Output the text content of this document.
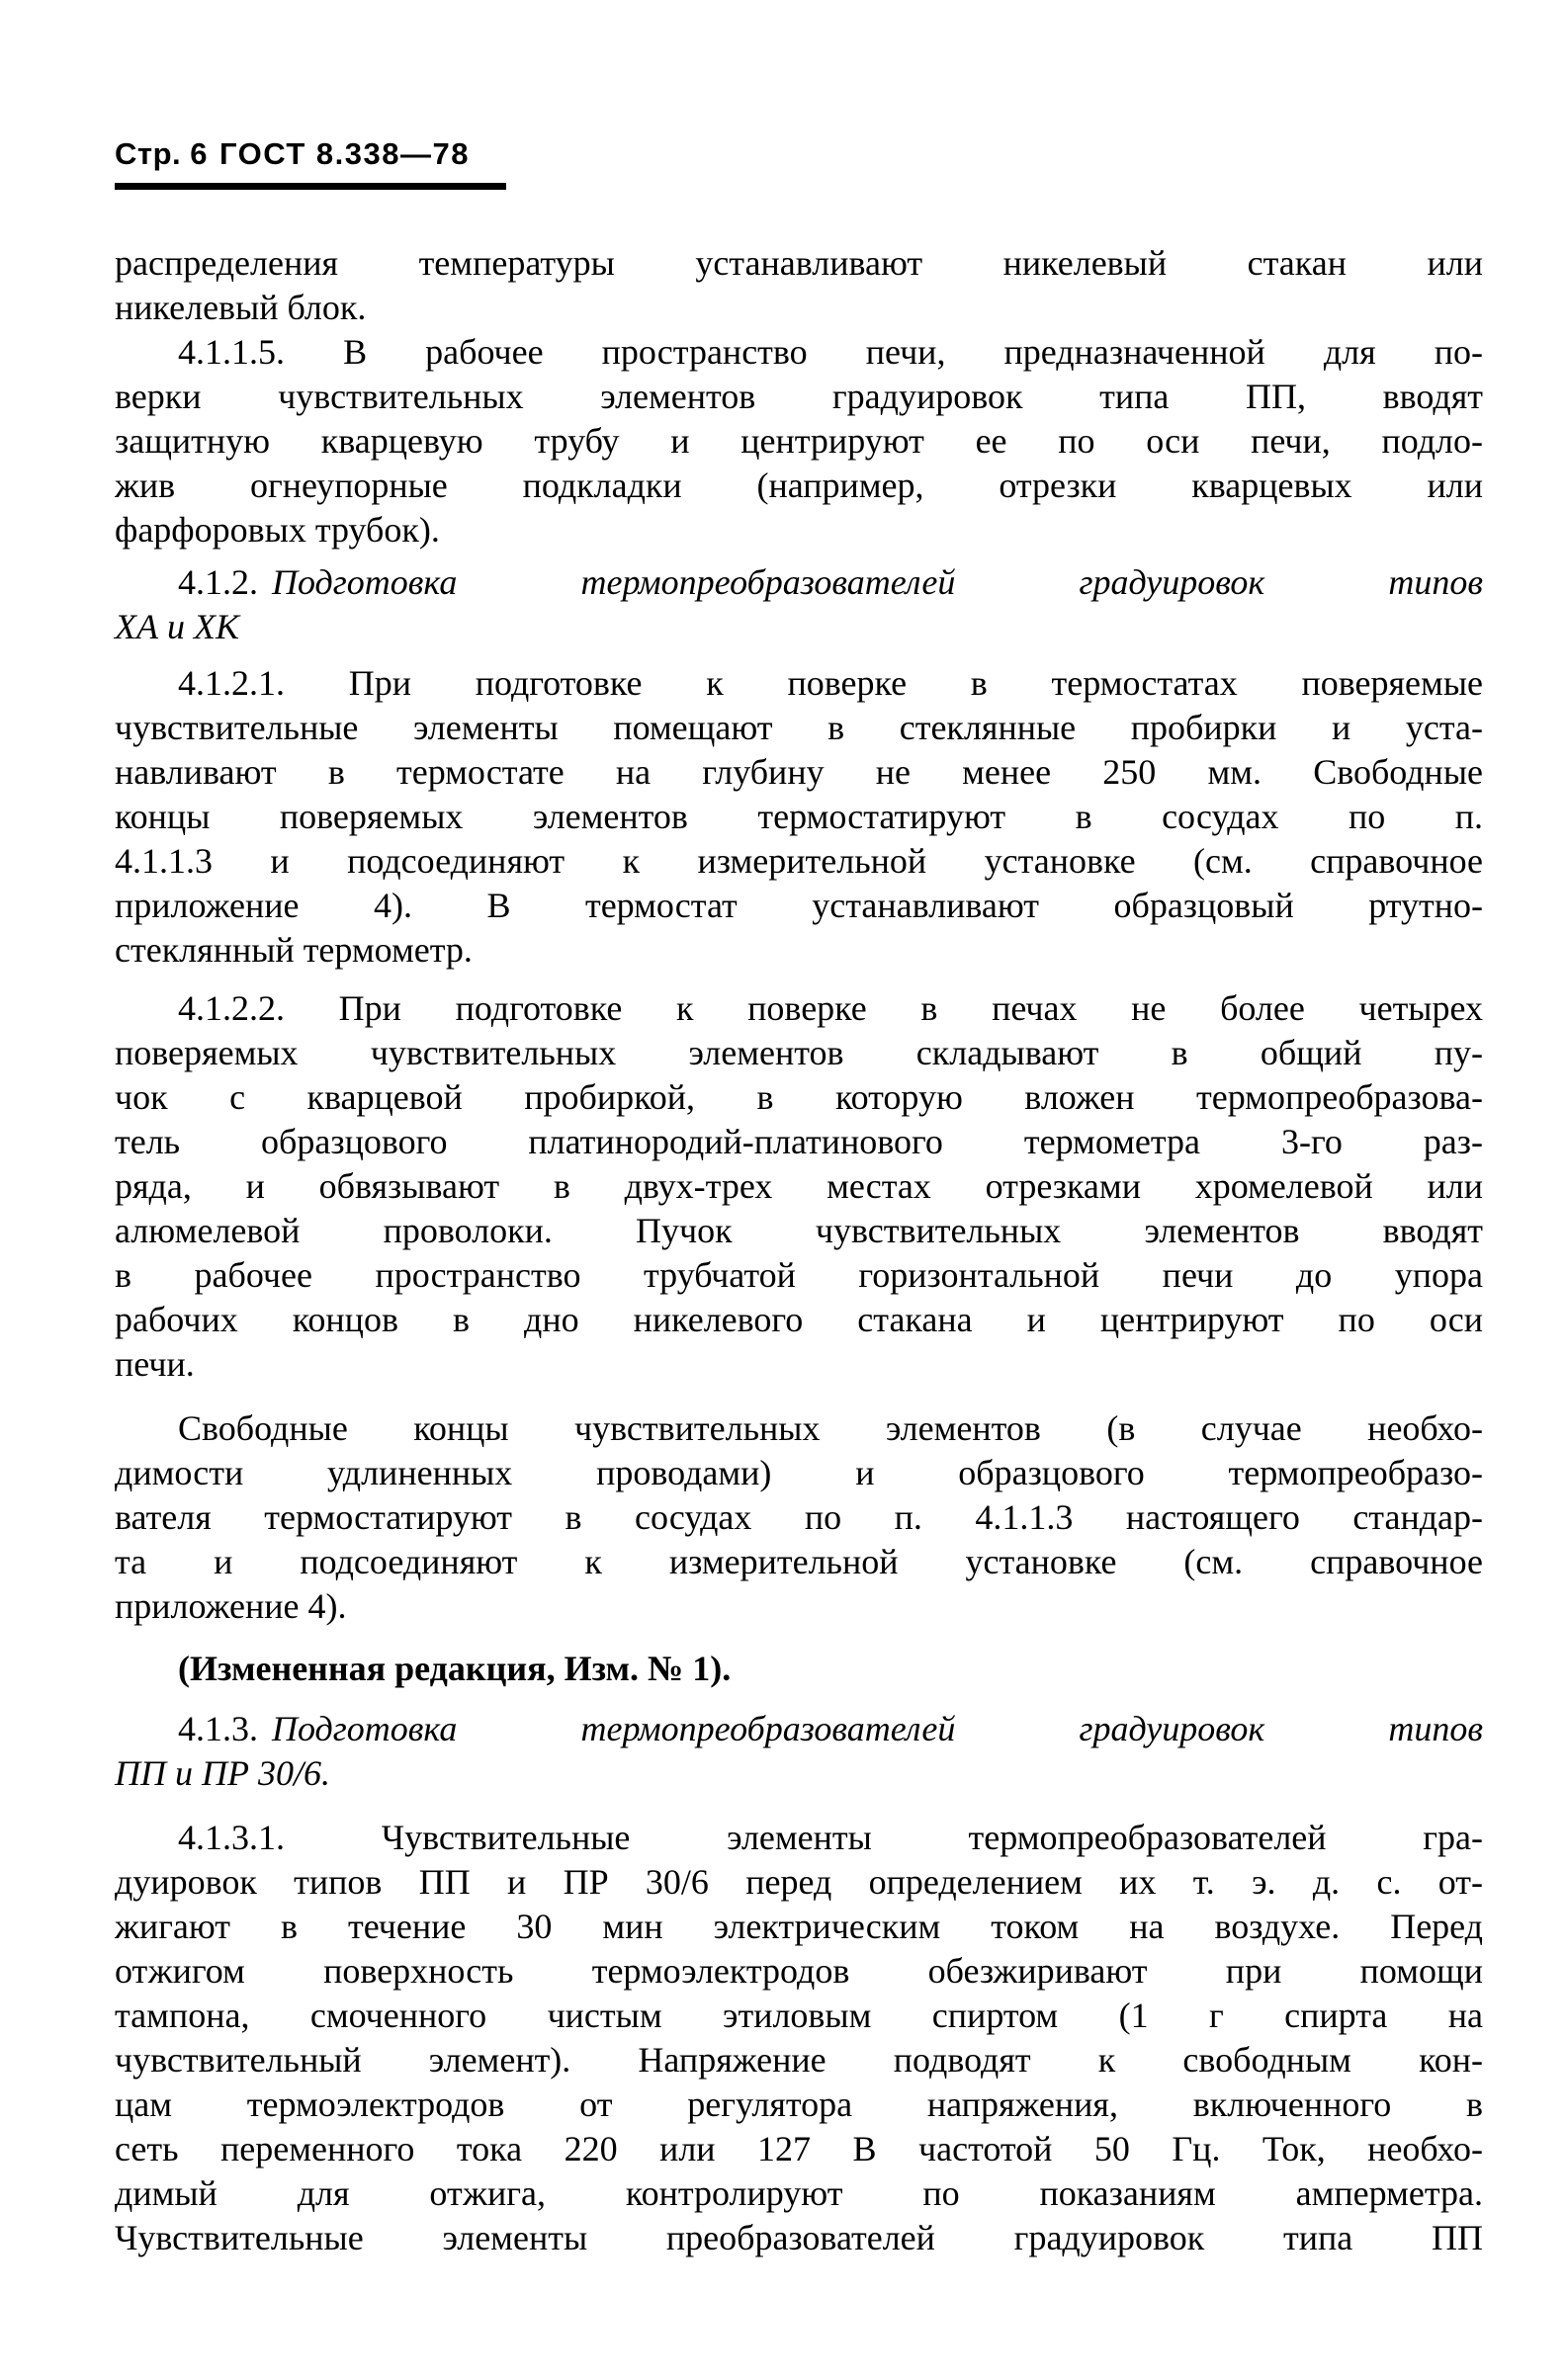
Стр. 6 ГОСТ 8.338—78

распределения температуры устанавливают никелевый стакан или
никелевый блок.

4.1.1.5. В рабочее пространство печи, предназначенной для по-
верки чувствительных элементов градуировок типа ПП, вводят
защитную кварцевую трубу и центрируют ее по оси печи, подло-
жив огнеупорные подкладки (например, отрезки кварцевых или
фарфоровых трубок).

4.1.2. Подготовка термопреобразователей градуировок типов
ХА и ХК

4.1.2.1. При подготовке к поверке в термостатах поверяемые
чувствительные элементы помещают в стеклянные пробирки и уста-
навливают в термостате на глубину не менее 250 мм. Свободные
концы поверяемых элементов термостатируют в сосудах по п.
4.1.1.3 и подсоединяют к измерительной установке (см. справочное
приложение 4). В термостат устанавливают образцовый ртутно-
стеклянный термометр.

4.1.2.2. При подготовке к поверке в печах не более четырех
поверяемых чувствительных элементов складывают в общий пу-
чок с кварцевой пробиркой, в которую вложен термопреобразова-
тель образцового платинородий-платинового термометра 3-го раз-
ряда, и обвязывают в двух-трех местах отрезками хромелевой или
алюмелевой проволоки. Пучок чувствительных элементов вводят
в рабочее пространство трубчатой горизонтальной печи до упора
рабочих концов в дно никелевого стакана и центрируют по оси
печи.

Свободные концы чувствительных элементов (в случае необхо-
димости удлиненных проводами) и образцового термопреобразо-
вателя термостатируют в сосудах по п. 4.1.1.3 настоящего стандар-
та и подсоединяют к измерительной установке (см. справочное
приложение 4).

(Измененная редакция, Изм. № 1).

4.1.3. Подготовка термопреобразователей градуировок типов
ПП и ПР 30/6.

4.1.3.1. Чувствительные элементы термопреобразователей гра-
дуировок типов ПП и ПР 30/6 перед определением их т. э. д. с. от-
жигают в течение 30 мин электрическим током на воздухе. Перед
отжигом поверхность термоэлектродов обезжиривают при помощи
тампона, смоченного чистым этиловым спиртом (1 г спирта на
чувствительный элемент). Напряжение подводят к свободным кон-
цам термоэлектродов от регулятора напряжения, включенного в
сеть переменного тока 220 или 127 В частотой 50 Гц. Ток, необхо-
димый для отжига, контролируют по показаниям амперметра.
Чувствительные элементы преобразователей градуировок типа ПП
